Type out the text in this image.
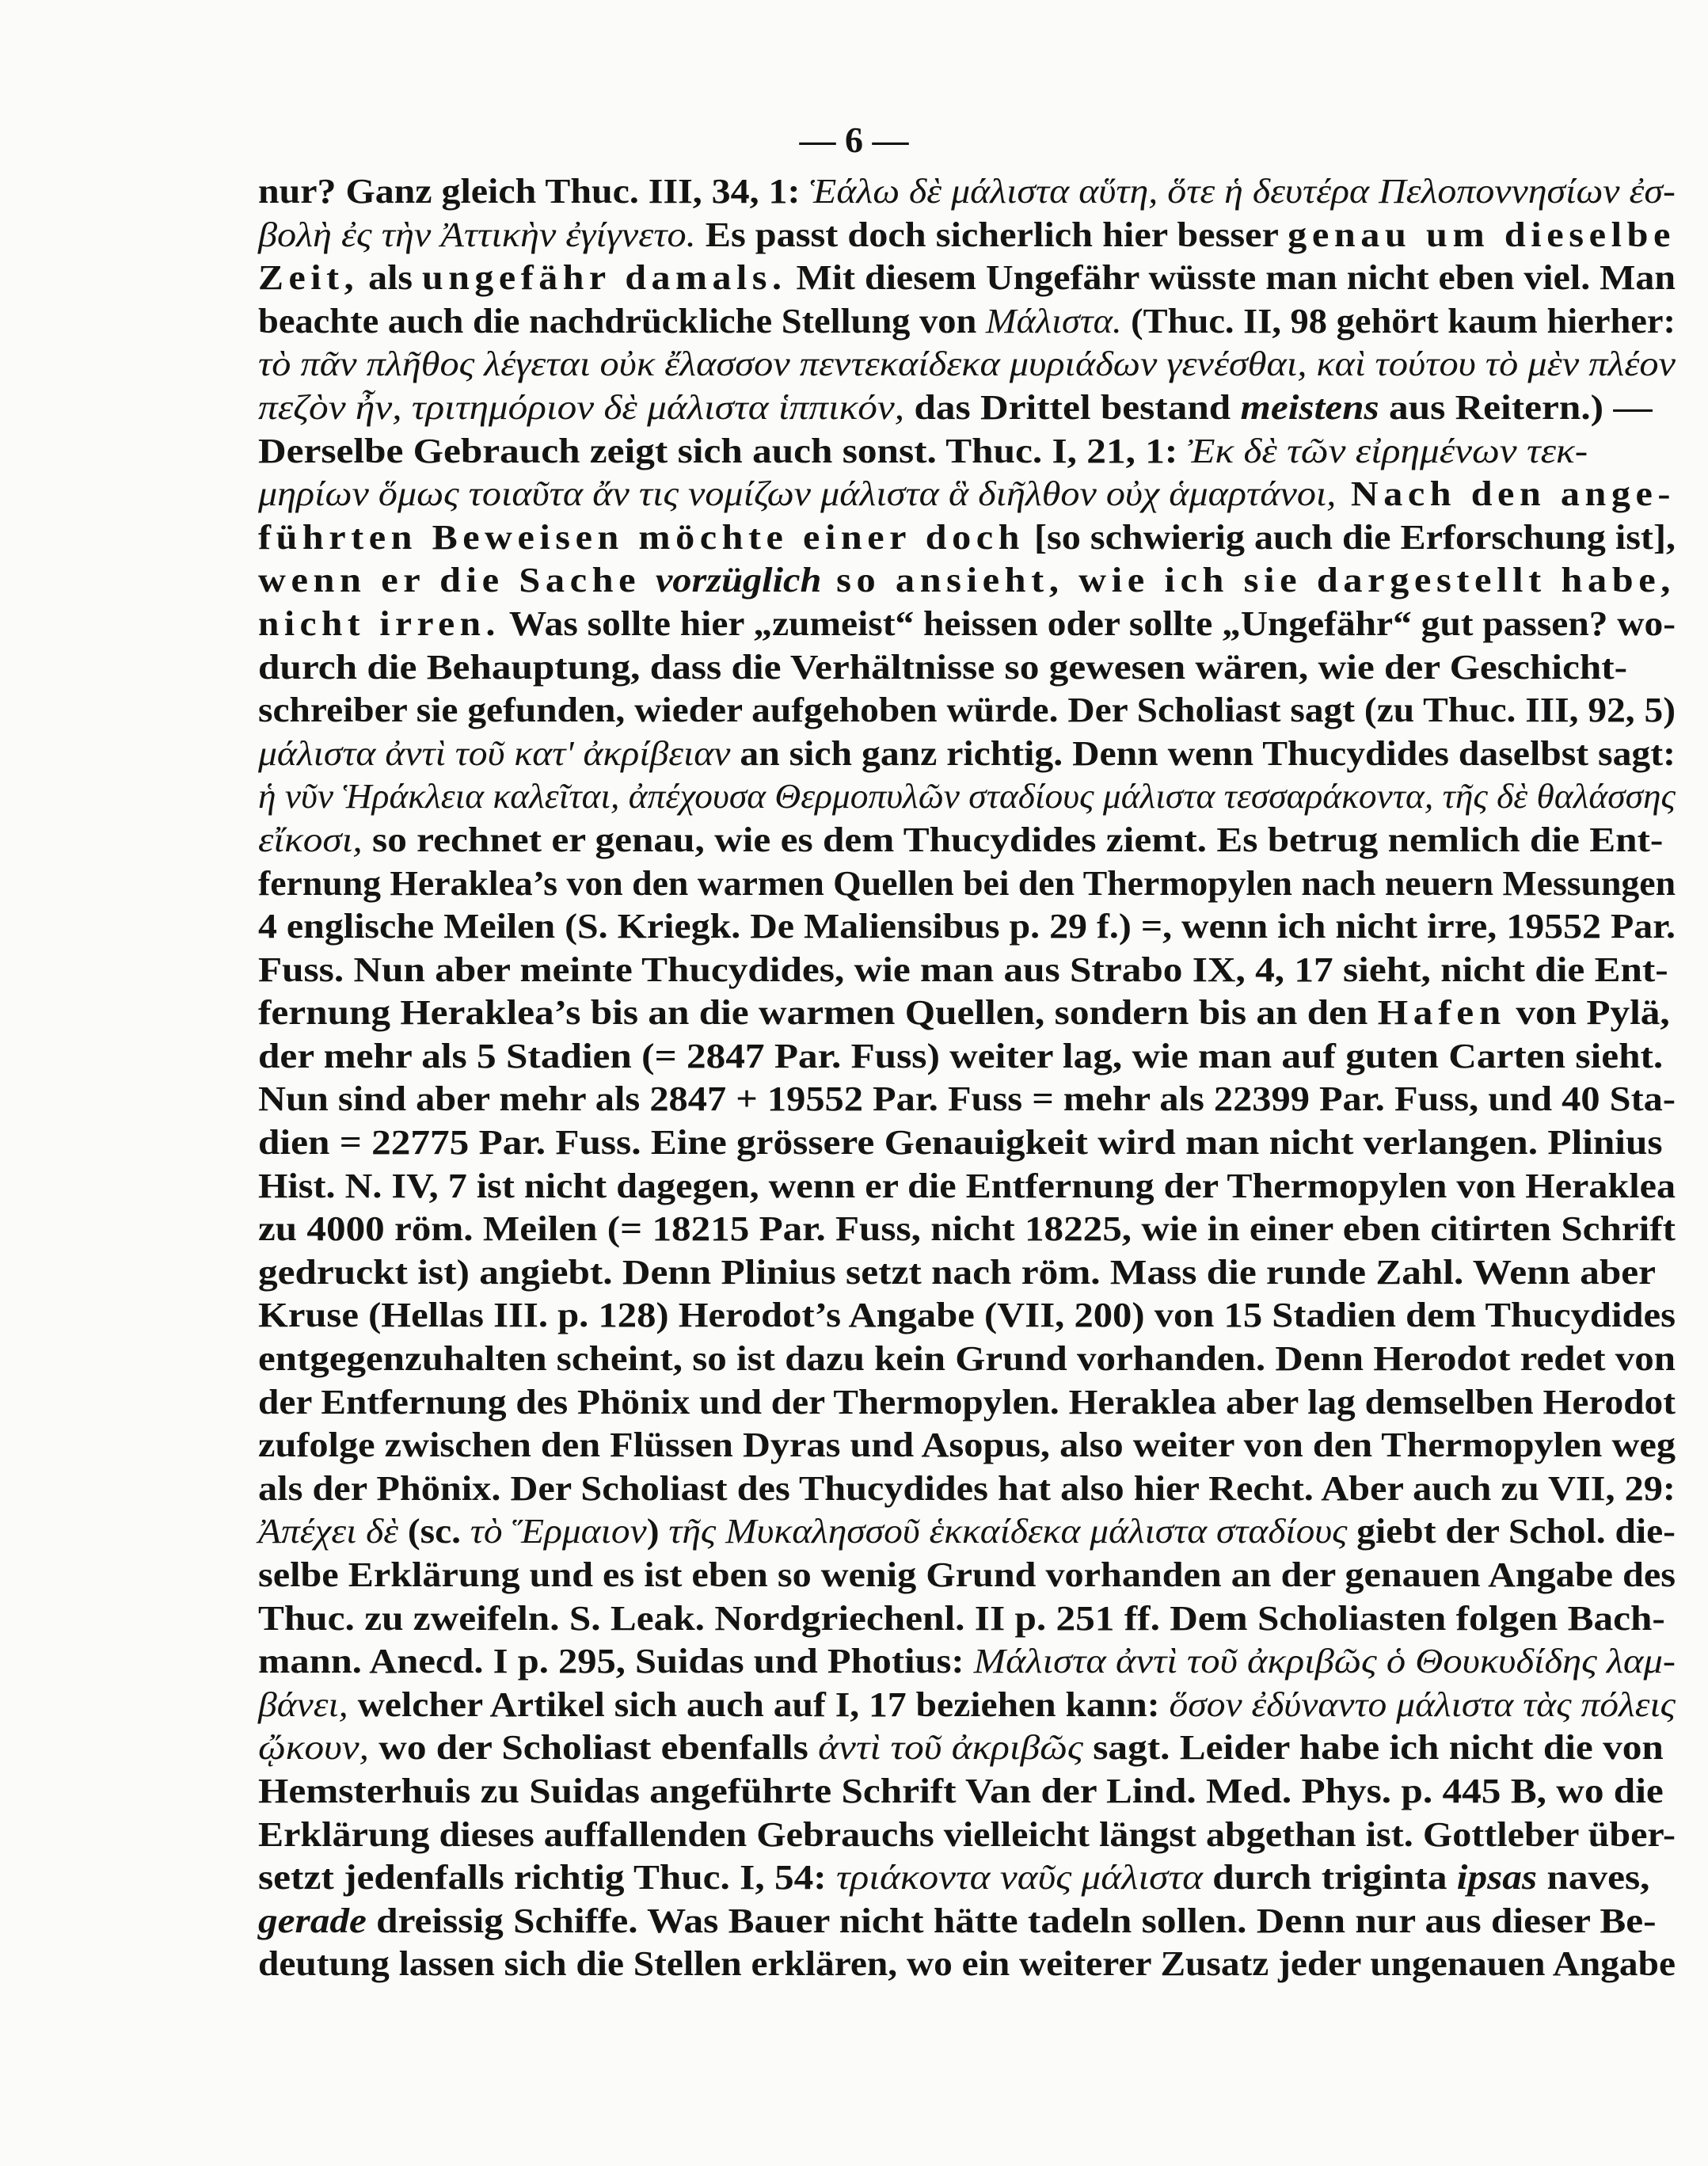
— 6 —
nur? Ganz gleich Thuc. III, 34, 1: Ἑάλω δὲ μάλιστα αὕτη, ὅτε ἡ δευτέρα Πελοποννησίων ἐσ-
βολὴ ἐς τὴν Ἀττικὴν ἐγίγνετο. Es passt doch sicherlich hier besser genau um dieselbe
Zeit, als ungefähr damals. Mit diesem Ungefähr wüsste man nicht eben viel. Man
beachte auch die nachdrückliche Stellung von Μάλιστα. (Thuc. II, 98 gehört kaum hierher:
τὸ πᾶν πλῆθος λέγεται οὐκ ἔλασσον πεντεκαίδεκα μυριάδων γενέσθαι, καὶ τούτου τὸ μὲν πλέον
πεζὸν ἦν, τριτημόριον δὲ μάλιστα ἱππικόν, das Drittel bestand meistens aus Reitern.) —
Derselbe Gebrauch zeigt sich auch sonst. Thuc. I, 21, 1: Ἐκ δὲ τῶν εἰρημένων τεκ-
μηρίων ὅμως τοιαῦτα ἄν τις νομίζων μάλιστα ἃ διῆλθον οὐχ ἁμαρτάνοι, Nach den ange-
führten Beweisen möchte einer doch [so schwierig auch die Erforschung ist],
wenn er die Sache vorzüglich so ansieht, wie ich sie dargestellt habe,
nicht irren. Was sollte hier „zumeist“ heissen oder sollte „Ungefähr“ gut passen? wo-
durch die Behauptung, dass die Verhältnisse so gewesen wären, wie der Geschicht-
schreiber sie gefunden, wieder aufgehoben würde. Der Scholiast sagt (zu Thuc. III, 92, 5)
μάλιστα ἀντὶ τοῦ κατ' ἀκρίβειαν an sich ganz richtig. Denn wenn Thucydides daselbst sagt:
ἡ νῦν Ἡράκλεια καλεῖται, ἀπέχουσα Θερμοπυλῶν σταδίους μάλιστα τεσσαράκοντα, τῆς δὲ θαλάσσης
εἴκοσι, so rechnet er genau, wie es dem Thucydides ziemt. Es betrug nemlich die Ent-
fernung Heraklea’s von den warmen Quellen bei den Thermopylen nach neuern Messungen
4 englische Meilen (S. Kriegk. De Maliensibus p. 29 f.) =, wenn ich nicht irre, 19552 Par.
Fuss. Nun aber meinte Thucydides, wie man aus Strabo IX, 4, 17 sieht, nicht die Ent-
fernung Heraklea’s bis an die warmen Quellen, sondern bis an den Hafen von Pylä,
der mehr als 5 Stadien (= 2847 Par. Fuss) weiter lag, wie man auf guten Carten sieht.
Nun sind aber mehr als 2847 + 19552 Par. Fuss = mehr als 22399 Par. Fuss, und 40 Sta-
dien = 22775 Par. Fuss. Eine grössere Genauigkeit wird man nicht verlangen. Plinius
Hist. N. IV, 7 ist nicht dagegen, wenn er die Entfernung der Thermopylen von Heraklea
zu 4000 röm. Meilen (= 18215 Par. Fuss, nicht 18225, wie in einer eben citirten Schrift
gedruckt ist) angiebt. Denn Plinius setzt nach röm. Mass die runde Zahl. Wenn aber
Kruse (Hellas III. p. 128) Herodot’s Angabe (VII, 200) von 15 Stadien dem Thucydides
entgegenzuhalten scheint, so ist dazu kein Grund vorhanden. Denn Herodot redet von
der Entfernung des Phönix und der Thermopylen. Heraklea aber lag demselben Herodot
zufolge zwischen den Flüssen Dyras und Asopus, also weiter von den Thermopylen weg
als der Phönix. Der Scholiast des Thucydides hat also hier Recht. Aber auch zu VII, 29:
Ἀπέχει δὲ (sc. τὸ Ἕρμαιον) τῆς Μυκαλησσοῦ ἑκκαίδεκα μάλιστα σταδίους giebt der Schol. die-
selbe Erklärung und es ist eben so wenig Grund vorhanden an der genauen Angabe des
Thuc. zu zweifeln. S. Leak. Nordgriechenl. II p. 251 ff. Dem Scholiasten folgen Bach-
mann. Anecd. I p. 295, Suidas und Photius: Μάλιστα ἀντὶ τοῦ ἀκριβῶς ὁ Θουκυδίδης λαμ-
βάνει, welcher Artikel sich auch auf I, 17 beziehen kann: ὅσον ἐδύναντο μάλιστα τὰς πόλεις
ᾤκουν, wo der Scholiast ebenfalls ἀντὶ τοῦ ἀκριβῶς sagt. Leider habe ich nicht die von
Hemsterhuis zu Suidas angeführte Schrift Van der Lind. Med. Phys. p. 445 B, wo die
Erklärung dieses auffallenden Gebrauchs vielleicht längst abgethan ist. Gottleber über-
setzt jedenfalls richtig Thuc. I, 54: τριάκοντα ναῦς μάλιστα durch triginta ipsas naves,
gerade dreissig Schiffe. Was Bauer nicht hätte tadeln sollen. Denn nur aus dieser Be-
deutung lassen sich die Stellen erklären, wo ein weiterer Zusatz jeder ungenauen Angabe
